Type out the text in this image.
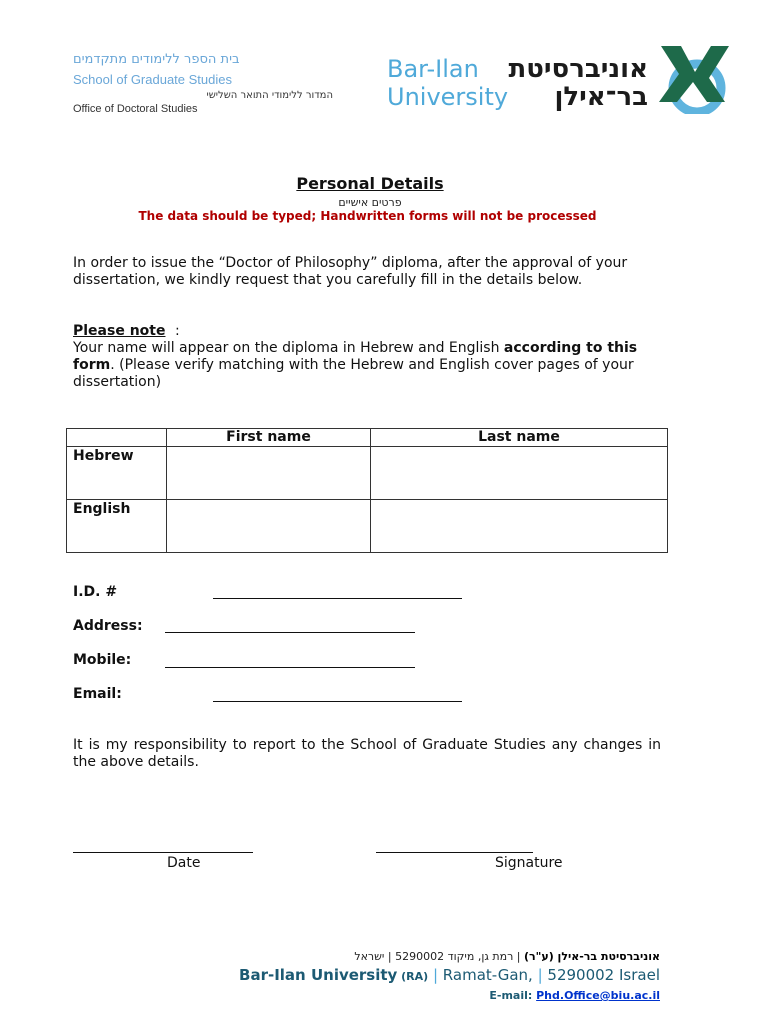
בית הספר ללימודים מתקדמים
School of Graduate Studies
המדור ללימודי התואר השלישי
Office of Doctoral Studies
Bar-Ilan
University
אוניברסיטת
בר־אילן
Personal Details
פרטים אישיים
The data should be typed; Handwritten forms will not be processed
In order to issue the “Doctor of Philosophy” diploma, after the approval of your dissertation, we kindly request that you carefully fill in the details below.
Please note :
Your name will appear on the diploma in Hebrew and English according to this form. (Please verify matching with the Hebrew and English cover pages of your dissertation)
	First name	Last name
Hebrew		
English		
I.D. #
Address:
Mobile:
Email:
It is my responsibility to report to the School of Graduate Studies any changes in the above details.
Date	Signature
אוניברסיטת בר-אילן (ע"ר) | רמת גן, מיקוד 5290002 | ישראל
Bar-Ilan University (RA) | Ramat-Gan, | 5290002 Israel
E-mail: Phd.Office@biu.ac.il
